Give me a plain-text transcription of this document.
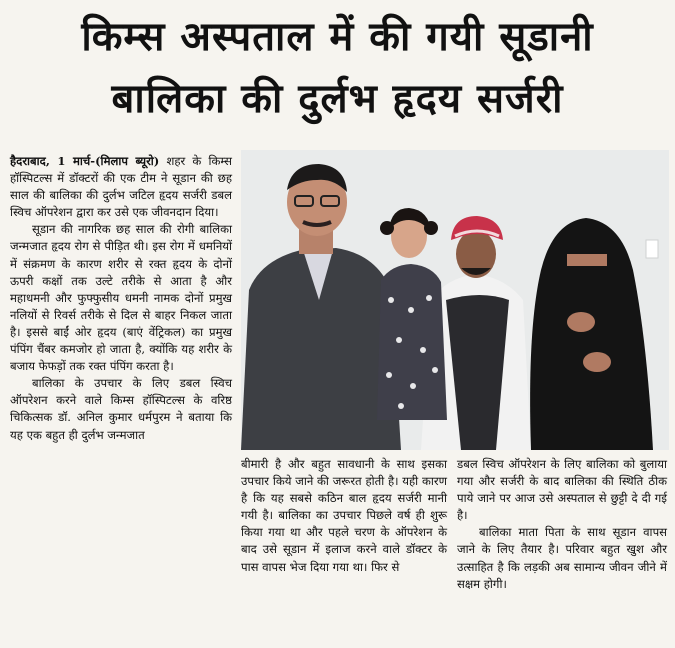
किम्स अस्पताल में की गयी सूडानी
बालिका की दुर्लभ हृदय सर्जरी

हैदराबाद, 1 मार्च-(मिलाप ब्यूरो) शहर के किम्स हॉस्पिटल्स में डॉक्टरों की एक टीम ने सूडान की छह साल की बालिका की दुर्लभ जटिल हृदय सर्जरी डबल स्विच ऑपरेशन द्वारा कर उसे एक जीवनदान दिया।

सूडान की नागरिक छह साल की रोगी बालिका जन्मजात हृदय रोग से पीड़ित थी। इस रोग में धमनियों में संक्रमण के कारण शरीर से रक्त हृदय के दोनों ऊपरी कक्षों तक उल्टे तरीके से आता है और महाधमनी और फुफ्फुसीय धमनी नामक दोनों प्रमुख नलियों से रिवर्स तरीके से दिल से बाहर निकल जाता है। इससे बाईं ओर हृदय (बाएं वेंट्रिकल) का प्रमुख पंपिंग चैंबर कमजोर हो जाता है, क्योंकि यह शरीर के बजाय फेफड़ों तक रक्त पंपिंग करता है।

बालिका के उपचार के लिए डबल स्विच ऑपरेशन करने वाले किम्स हॉस्पिटल्स के वरिष्ठ चिकित्सक डॉ. अनिल कुमार धर्मपुरम ने बताया कि यह एक बहुत ही दुर्लभ जन्मजात

बीमारी है और बहुत सावधानी के साथ इसका उपचार किये जाने की जरूरत होती है। यही कारण है कि यह सबसे कठिन बाल हृदय सर्जरी मानी गयी है। बालिका का उपचार पिछले वर्ष ही शुरू किया गया था और पहले चरण के ऑपरेशन के बाद उसे सूडान में इलाज करने वाले डॉक्टर के पास वापस भेज दिया गया था। फिर से

डबल स्विच ऑपरेशन के लिए बालिका को बुलाया गया और सर्जरी के बाद बालिका की स्थिति ठीक पाये जाने पर आज उसे अस्पताल से छुट्टी दे दी गई है।

बालिका माता पिता के साथ सूडान वापस जाने के लिए तैयार है। परिवार बहुत खुश और उत्साहित है कि लड़की अब सामान्य जीवन जीने में सक्षम होगी।
